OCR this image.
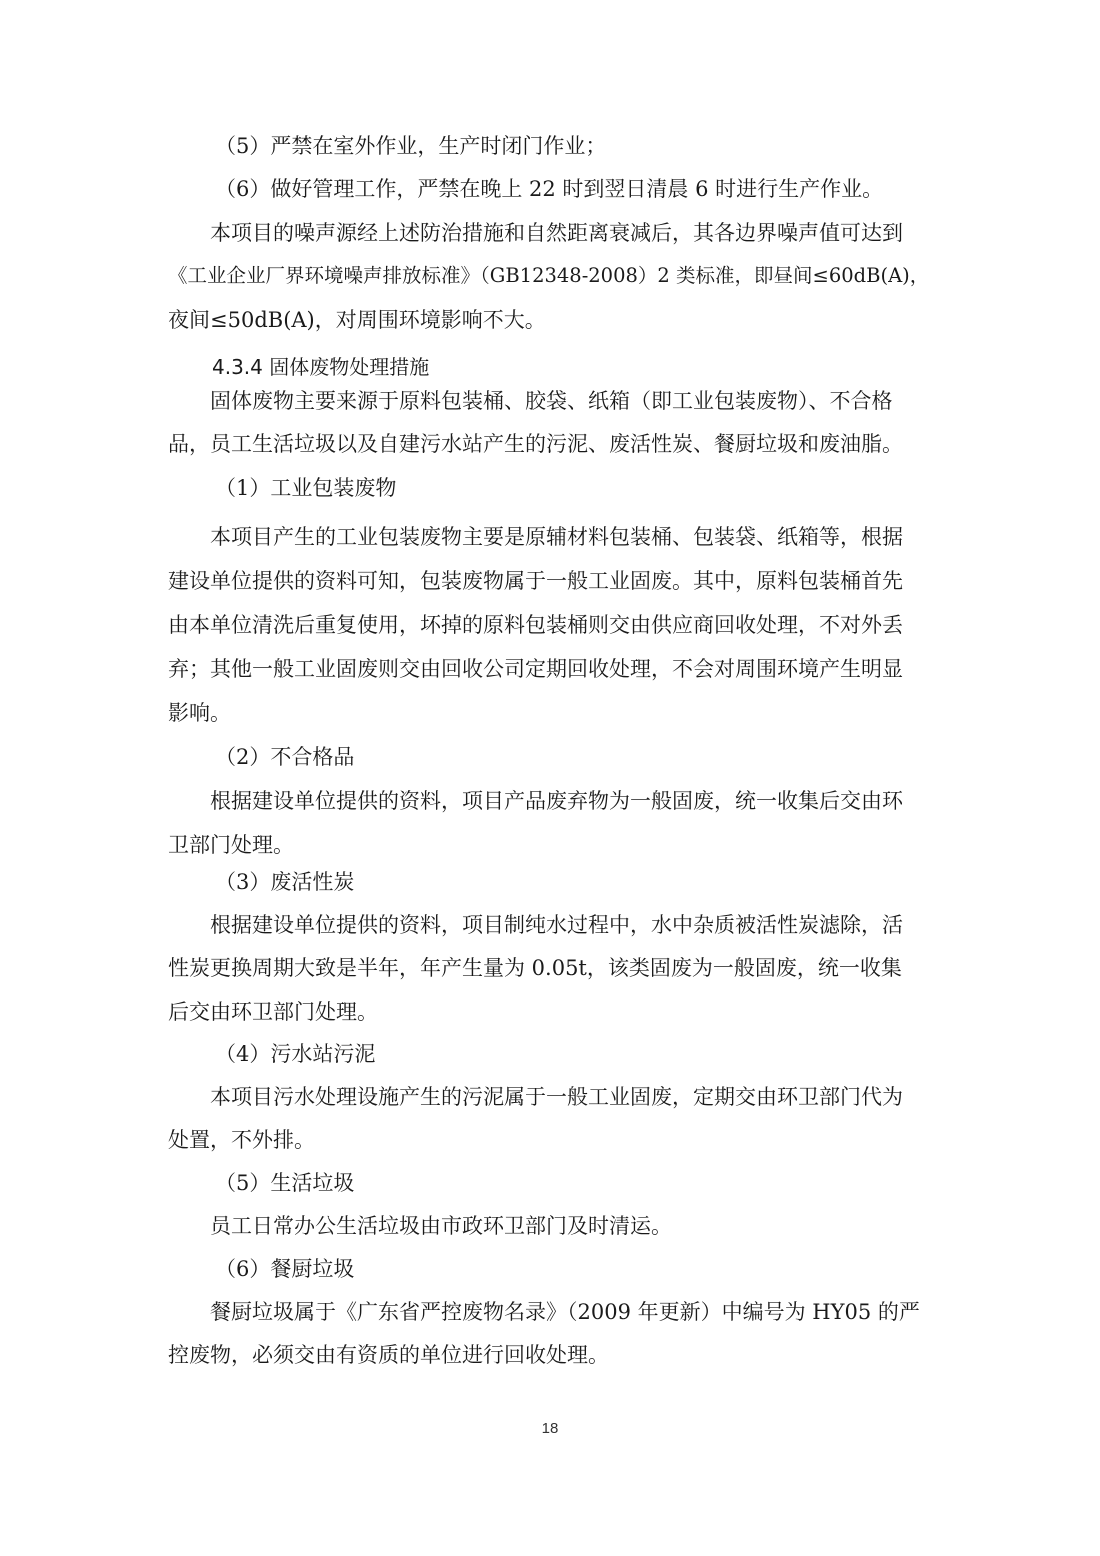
（5）严禁在室外作业，生产时闭门作业；
（6）做好管理工作，严禁在晚上 22 时到翌日清晨 6 时进行生产作业。
本项目的噪声源经上述防治措施和自然距离衰减后，其各边界噪声值可达到
《工业企业厂界环境噪声排放标准》（GB12348-2008）2 类标准，即昼间≤60dB(A)，
夜间≤50dB(A)，对周围环境影响不大。
4.3.4 固体废物处理措施
固体废物主要来源于原料包装桶、胶袋、纸箱（即工业包装废物）、不合格
品，员工生活垃圾以及自建污水站产生的污泥、废活性炭、餐厨垃圾和废油脂。
（1）工业包装废物
本项目产生的工业包装废物主要是原辅材料包装桶、包装袋、纸箱等，根据
建设单位提供的资料可知，包装废物属于一般工业固废。其中，原料包装桶首先
由本单位清洗后重复使用，坏掉的原料包装桶则交由供应商回收处理，不对外丢
弃；其他一般工业固废则交由回收公司定期回收处理，不会对周围环境产生明显
影响。
（2）不合格品
根据建设单位提供的资料，项目产品废弃物为一般固废，统一收集后交由环
卫部门处理。
（3）废活性炭
根据建设单位提供的资料，项目制纯水过程中，水中杂质被活性炭滤除，活
性炭更换周期大致是半年，年产生量为 0.05t，该类固废为一般固废，统一收集
后交由环卫部门处理。
（4）污水站污泥
本项目污水处理设施产生的污泥属于一般工业固废，定期交由环卫部门代为
处置，不外排。
（5）生活垃圾
员工日常办公生活垃圾由市政环卫部门及时清运。
（6）餐厨垃圾
餐厨垃圾属于《广东省严控废物名录》（2009 年更新）中编号为 HY05 的严
控废物，必须交由有资质的单位进行回收处理。
18
